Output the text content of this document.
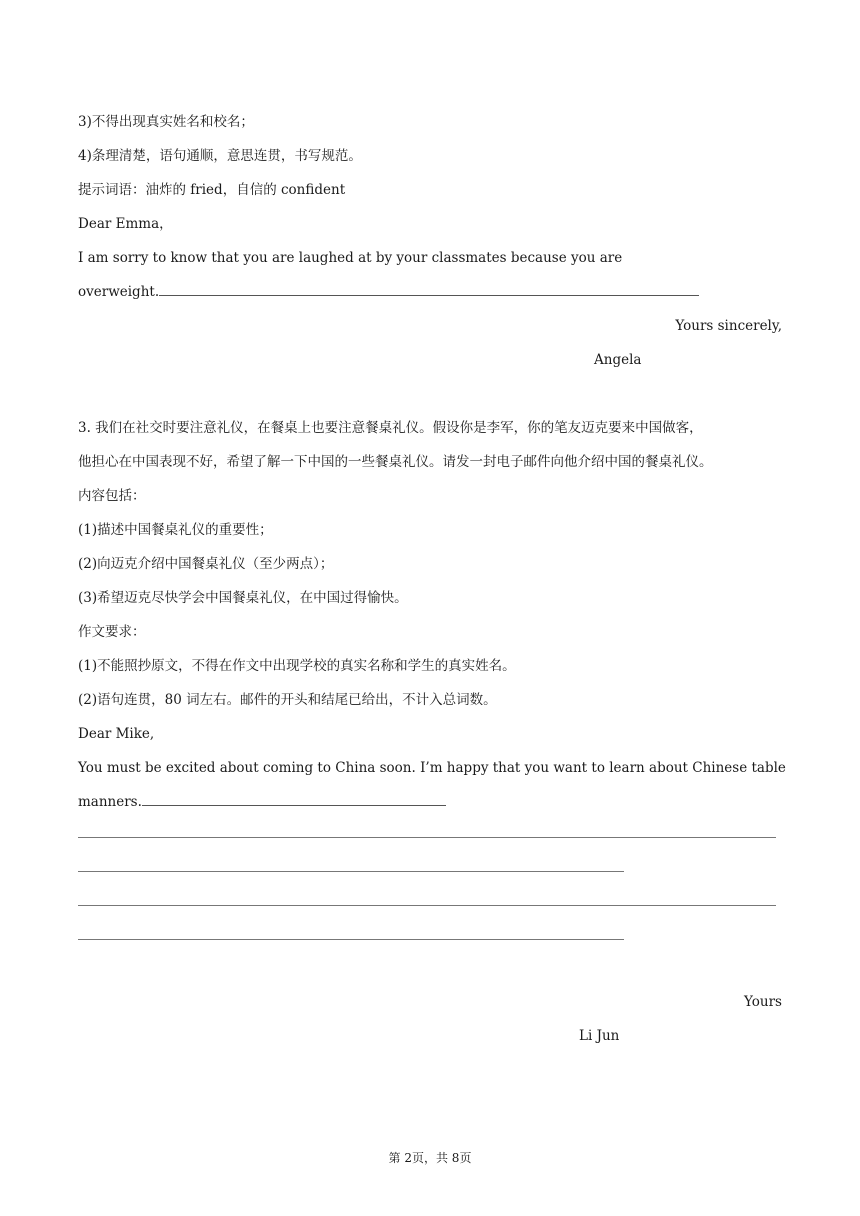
3)不得出现真实姓名和校名；
4)条理清楚，语句通顺，意思连贯，书写规范。
提示词语：油炸的 fried，自信的 confident
Dear Emma，
I am sorry to know that you are laughed at by your classmates because you are
overweight.
Yours sincerely,
Angela
3. 我们在社交时要注意礼仪，在餐桌上也要注意餐桌礼仪。假设你是李军，你的笔友迈克要来中国做客，
他担心在中国表现不好，希望了解一下中国的一些餐桌礼仪。请发一封电子邮件向他介绍中国的餐桌礼仪。
内容包括：
(1)描述中国餐桌礼仪的重要性；
(2)向迈克介绍中国餐桌礼仪（至少两点）；
(3)希望迈克尽快学会中国餐桌礼仪，在中国过得愉快。
作文要求：
(1)不能照抄原文，不得在作文中出现学校的真实名称和学生的真实姓名。
(2)语句连贯，80 词左右。邮件的开头和结尾已给出，不计入总词数。
Dear Mike,
You must be excited about coming to China soon. I’m happy that you want to learn about Chinese table
manners.
Yours
Li Jun
第 2页，共 8页
